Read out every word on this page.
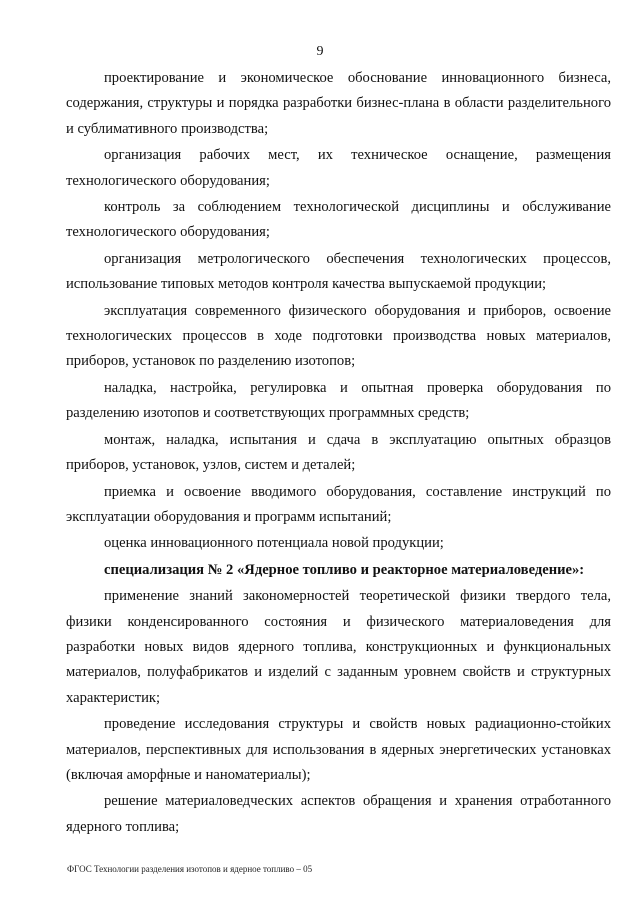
9

проектирование и экономическое обоснование инновационного бизнеса, содержания, структуры и порядка разработки бизнес-плана в области разделительного и сублимативного производства;

организация рабочих мест, их техническое оснащение, размещения технологического оборудования;

контроль за соблюдением технологической дисциплины и обслуживание технологического оборудования;

организация метрологического обеспечения технологических процессов, использование типовых методов контроля качества выпускаемой продукции;

эксплуатация современного физического оборудования и приборов, освоение технологических процессов в ходе подготовки производства новых материалов, приборов, установок по разделению изотопов;

наладка, настройка, регулировка и опытная проверка оборудования по разделению изотопов и соответствующих программных средств;

монтаж, наладка, испытания и сдача в эксплуатацию опытных образцов приборов, установок, узлов, систем и деталей;

приемка и освоение вводимого оборудования, составление инструкций по эксплуатации оборудования и программ испытаний;

оценка инновационного потенциала новой продукции;

специализация № 2 «Ядерное топливо и реакторное материаловедение»:

применение знаний закономерностей теоретической физики твердого тела, физики конденсированного состояния и физического материаловедения для разработки новых видов ядерного топлива, конструкционных и функциональных материалов, полуфабрикатов и изделий с заданным уровнем свойств и структурных характеристик;

проведение исследования структуры и свойств новых радиационно-стойких материалов, перспективных для использования в ядерных энергетических установках (включая аморфные и наноматериалы);

решение материаловедческих аспектов обращения и хранения отработанного ядерного топлива;

ФГОС Технологии разделения изотопов и ядерное топливо – 05
